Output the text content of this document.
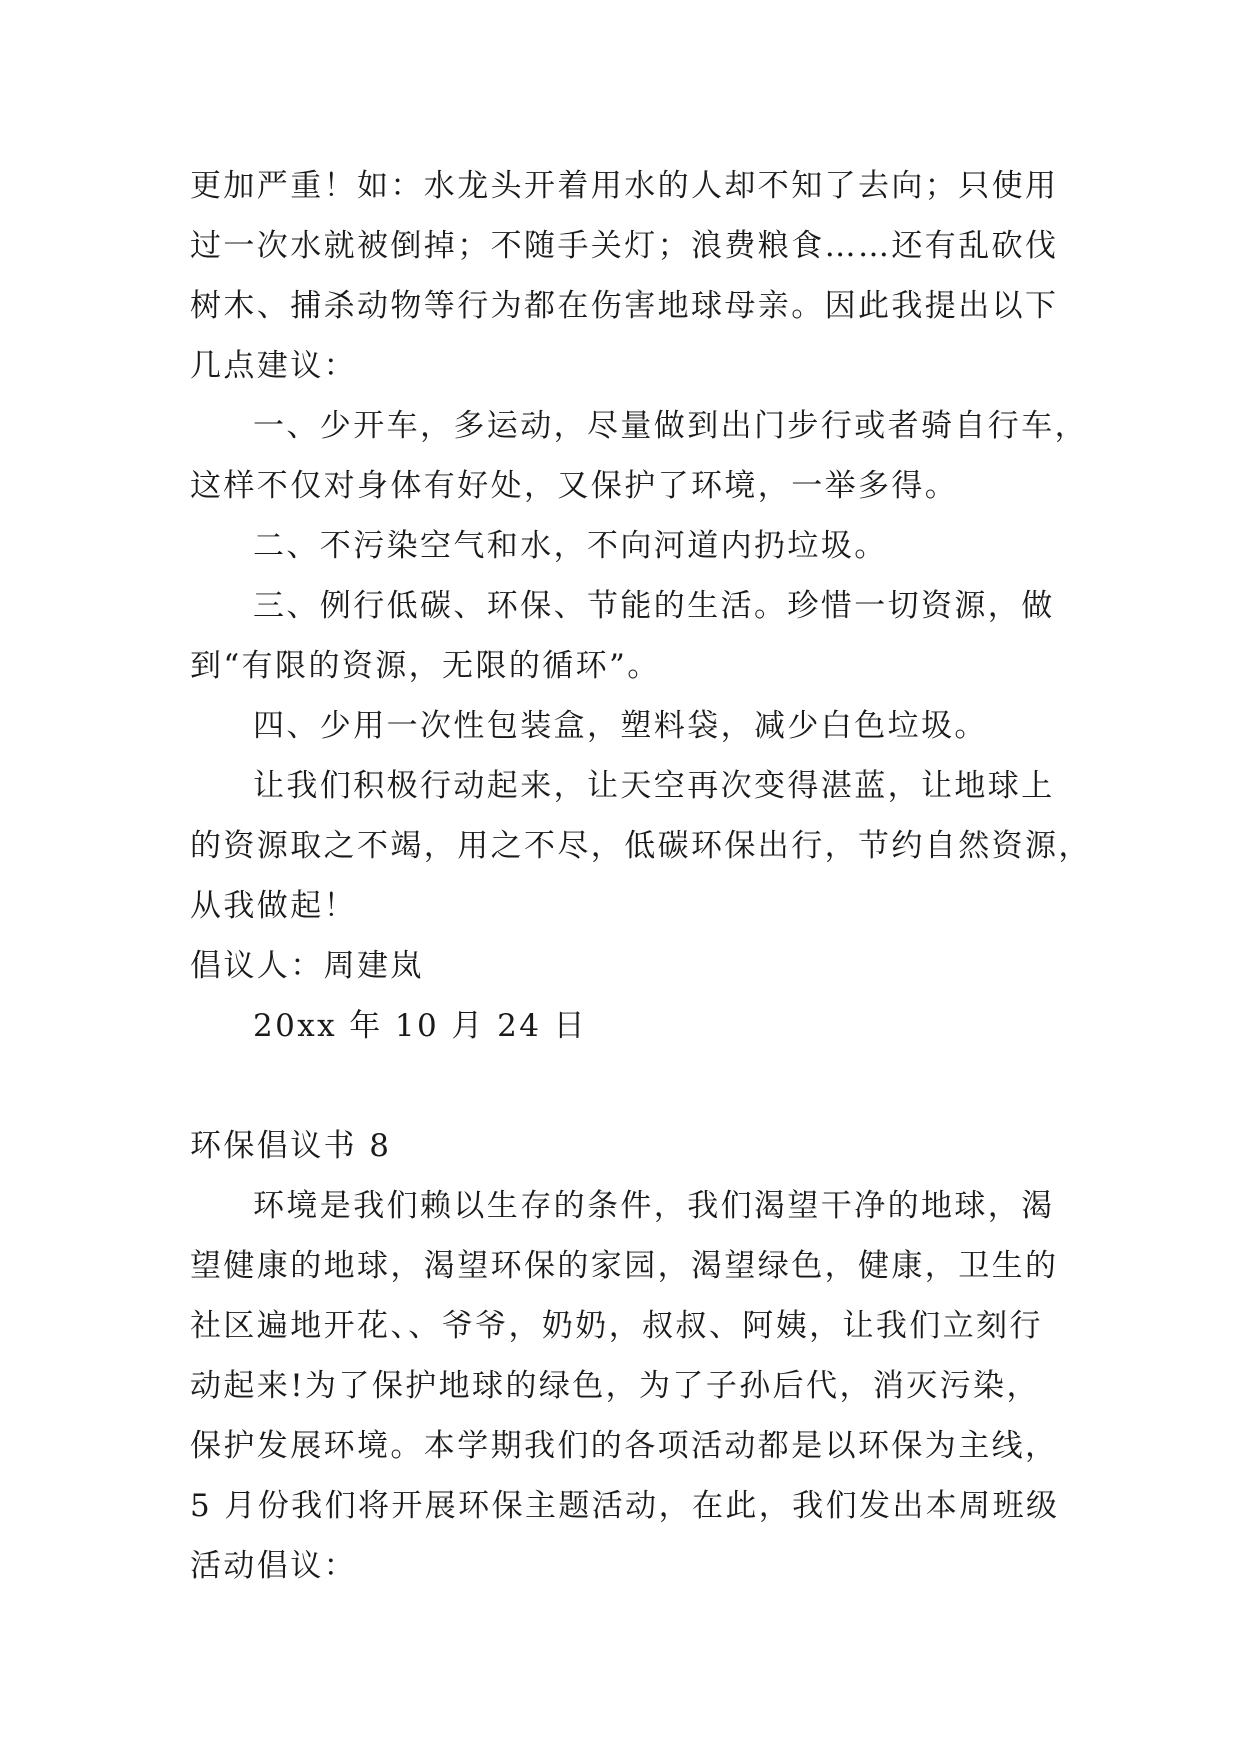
更加严重！如：水龙头开着用水的人却不知了去向；只使用
过一次水就被倒掉；不随手关灯；浪费粮食……还有乱砍伐
树木、捕杀动物等行为都在伤害地球母亲。因此我提出以下
几点建议：
一、少开车，多运动，尽量做到出门步行或者骑自行车，
这样不仅对身体有好处，又保护了环境，一举多得。
二、不污染空气和水，不向河道内扔垃圾。
三、例行低碳、环保、节能的生活。珍惜一切资源，做
到“有限的资源，无限的循环”。
四、少用一次性包装盒，塑料袋，减少白色垃圾。
让我们积极行动起来，让天空再次变得湛蓝，让地球上
的资源取之不竭，用之不尽，低碳环保出行，节约自然资源，
从我做起！
倡议人：周建岚
20xx 年 10 月 24 日
环保倡议书 8
环境是我们赖以生存的条件，我们渴望干净的地球，渴
望健康的地球，渴望环保的家园，渴望绿色，健康，卫生的
社区遍地开花、、爷爷，奶奶，叔叔、阿姨，让我们立刻行
动起来!为了保护地球的绿色，为了子孙后代，消灭污染，
保护发展环境。本学期我们的各项活动都是以环保为主线，
5 月份我们将开展环保主题活动，在此，我们发出本周班级
活动倡议：
